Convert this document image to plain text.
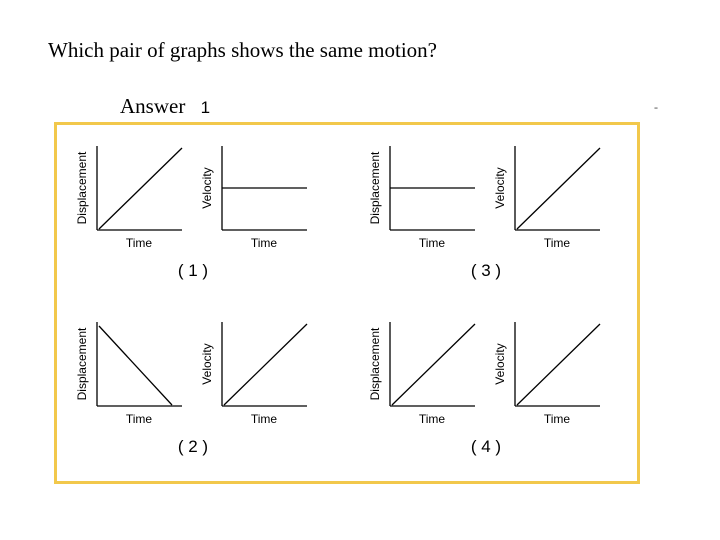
Which pair of graphs shows the same motion?
Answer 1	-
Time
Displacement
Time
Velocity
( 1 )
Time
Displacement
Time
Velocity
( 3 )
Time
Displacement
Time
Velocity
( 2 )
Time
Displacement
Time
Velocity
( 4 )
